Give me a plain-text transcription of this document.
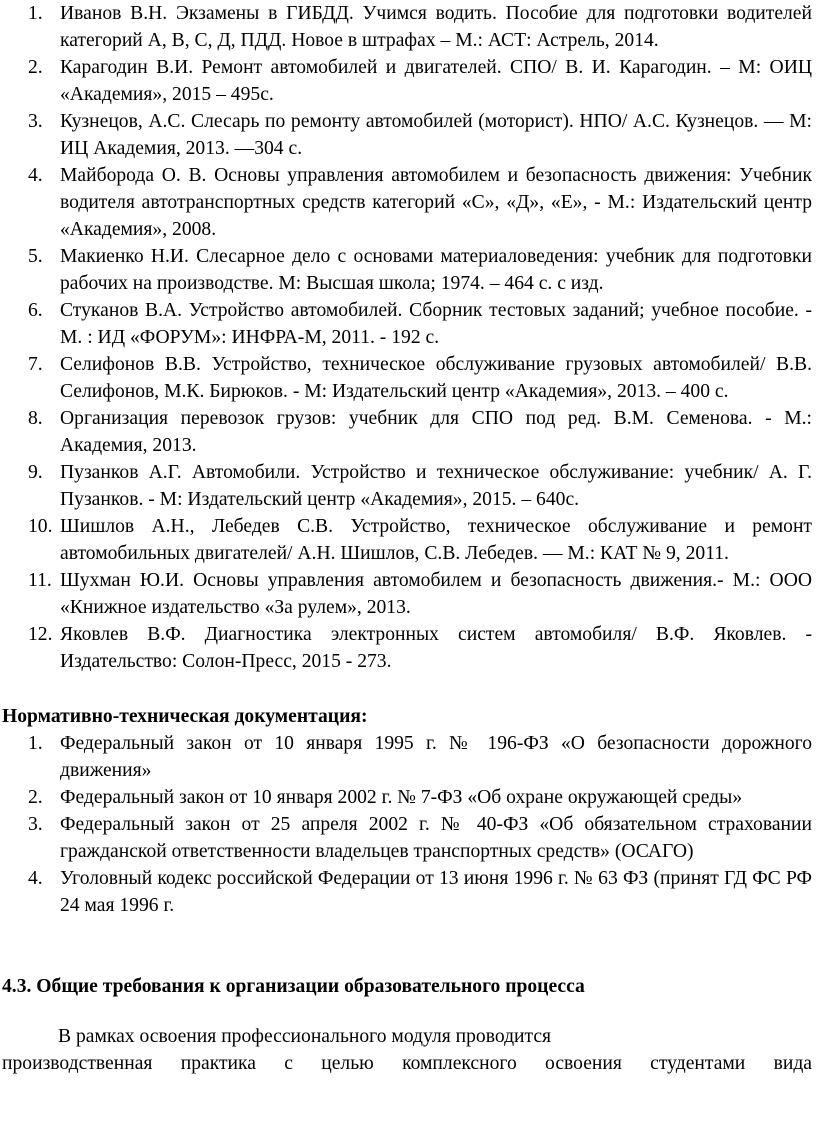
1. Иванов В.Н. Экзамены в ГИБДД. Учимся водить. Пособие для подготовки водителей категорий А, В, С, Д, ПДД. Новое в штрафах – М.: АСТ: Астрель, 2014.
2. Карагодин В.И. Ремонт автомобилей и двигателей. СПО/ В. И. Карагодин. – М: ОИЦ «Академия», 2015 – 495с.
3. Кузнецов, А.С. Слесарь по ремонту автомобилей (моторист). НПО/ А.С. Кузнецов. — М: ИЦ Академия, 2013. —304 с.
4. Майборода О. В. Основы управления автомобилем и безопасность движения: Учебник водителя автотранспортных средств категорий «С», «Д», «Е», - М.: Издательский центр «Академия», 2008.
5. Макиенко Н.И. Слесарное дело с основами материаловедения: учебник для подготовки рабочих на производстве. М: Высшая школа; 1974. – 464 с. с изд.
6. Стуканов В.А. Устройство автомобилей. Сборник тестовых заданий; учебное пособие. - М. : ИД «ФОРУМ»: ИНФРА-М, 2011. - 192 с.
7. Селифонов В.В. Устройство, техническое обслуживание грузовых автомобилей/ В.В. Селифонов, М.К. Бирюков. - М: Издательский центр «Академия», 2013. – 400 с.
8. Организация перевозок грузов: учебник для СПО под ред. В.М. Семенова. - М.: Академия, 2013.
9. Пузанков А.Г. Автомобили. Устройство и техническое обслуживание: учебник/ А. Г. Пузанков. - М: Издательский центр «Академия», 2015. – 640с.
10. Шишлов А.Н., Лебедев С.В. Устройство, техническое обслуживание и ремонт автомобильных двигателей/ А.Н. Шишлов, С.В. Лебедев. — М.: КАТ № 9, 2011.
11. Шухман Ю.И. Основы управления автомобилем и безопасность движения.- М.: ООО «Книжное издательство «За рулем», 2013.
12. Яковлев В.Ф. Диагностика электронных систем автомобиля/ В.Ф. Яковлев. - Издательство: Солон-Пресс, 2015 - 273.
Нормативно-техническая документация:
1. Федеральный закон от 10 января 1995 г. № 196-ФЗ «О безопасности дорожного движения»
2. Федеральный закон от 10 января 2002 г. № 7-ФЗ «Об охране окружающей среды»
3. Федеральный закон от 25 апреля 2002 г. № 40-ФЗ «Об обязательном страховании гражданской ответственности владельцев транспортных средств» (ОСАГО)
4. Уголовный кодекс российской Федерации от 13 июня 1996 г. № 63 ФЗ (принят ГД ФС РФ 24 мая 1996 г.
4.3. Общие требования к организации образовательного процесса
В рамках освоения профессионального модуля проводится
производственная практика с целью комплексного освоения студентами вида
